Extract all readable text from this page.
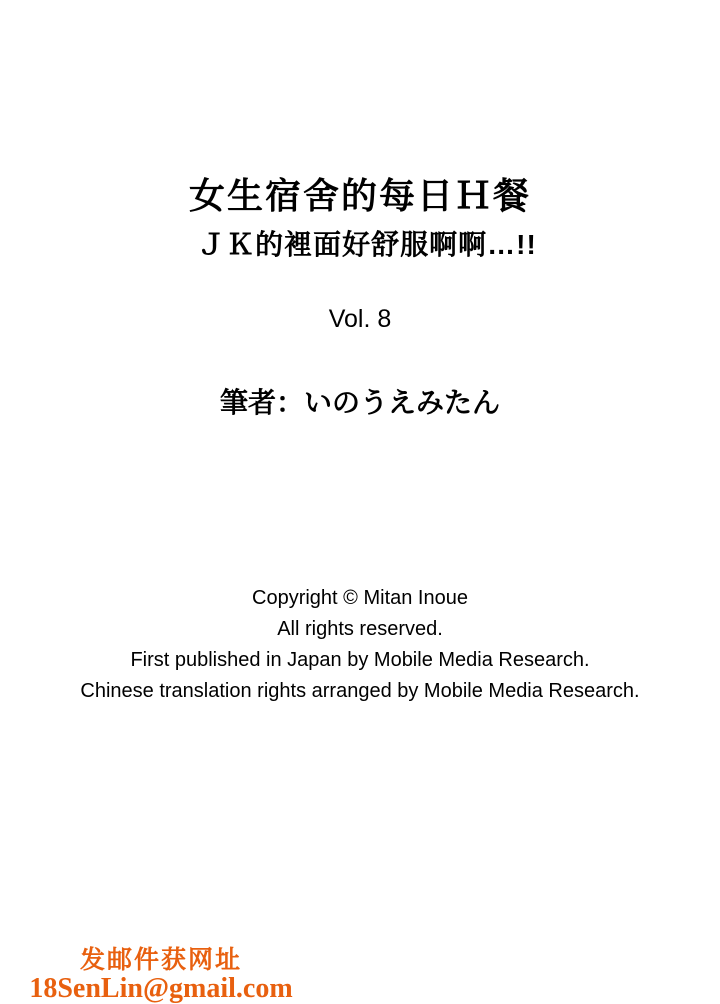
女生宿舍的每日Ｈ餐
ＪＫ的裡面好舒服啊啊…!!
Vol. 8
筆者：いのうえみたん
Copyright © Mitan Inoue
All rights reserved.
First published in Japan by Mobile Media Research.
Chinese translation rights arranged by Mobile Media Research.
发邮件获网址
18SenLin@gmail.com
